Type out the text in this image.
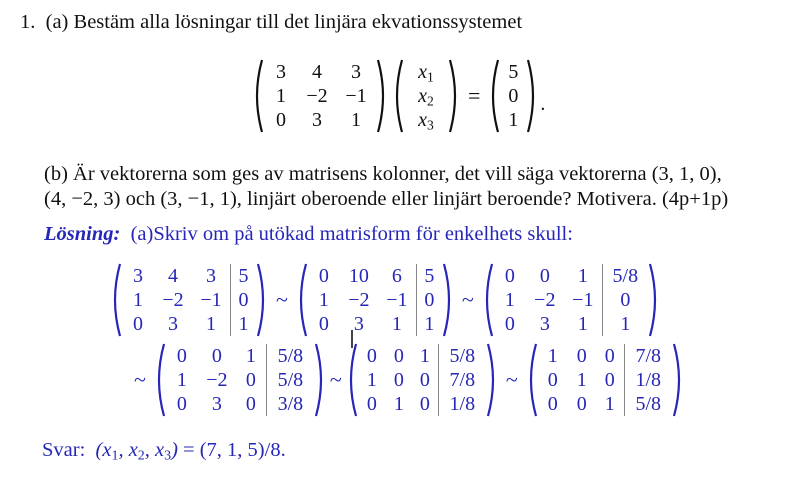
1. (a) Bestäm alla lösningar till det linjära ekvationssystemet
3	4	3
1	−2 −1
0	3	1
$x_1$
$x_2$
$x_3$
=
5
0
1
.
(b) Är vektorerna som ges av matrisens kolonner, det vill säga vektorerna (3, 1, 0),
(4, −2, 3) och (3, −1, 1), linjärt oberoende eller linjärt beroende? Motivera. (4p+1p)
Lösning: (a)Skriv om på utökad matrisform för enkelhets skull:
3	4	3	5
1 −2 −1 0
0	3	1	1
~
0	10	6	5
1 −2 −1 0
0	3	1	1
~
0	0	1	5/8
1 −2 −1	0
0	3	1	1
~
0	0	1	5/8
1 −2 0	5/8
0	3	0	3/8
~
0 0 1 5/8
1 0 0 7/8
0 1 0 1/8
~
1 0 0	7/8
0 1 0	1/8
0 0 1	5/8
Svar: ($x_1$, $x_2$, $x_3) = (7$, 1, 5)/8.
